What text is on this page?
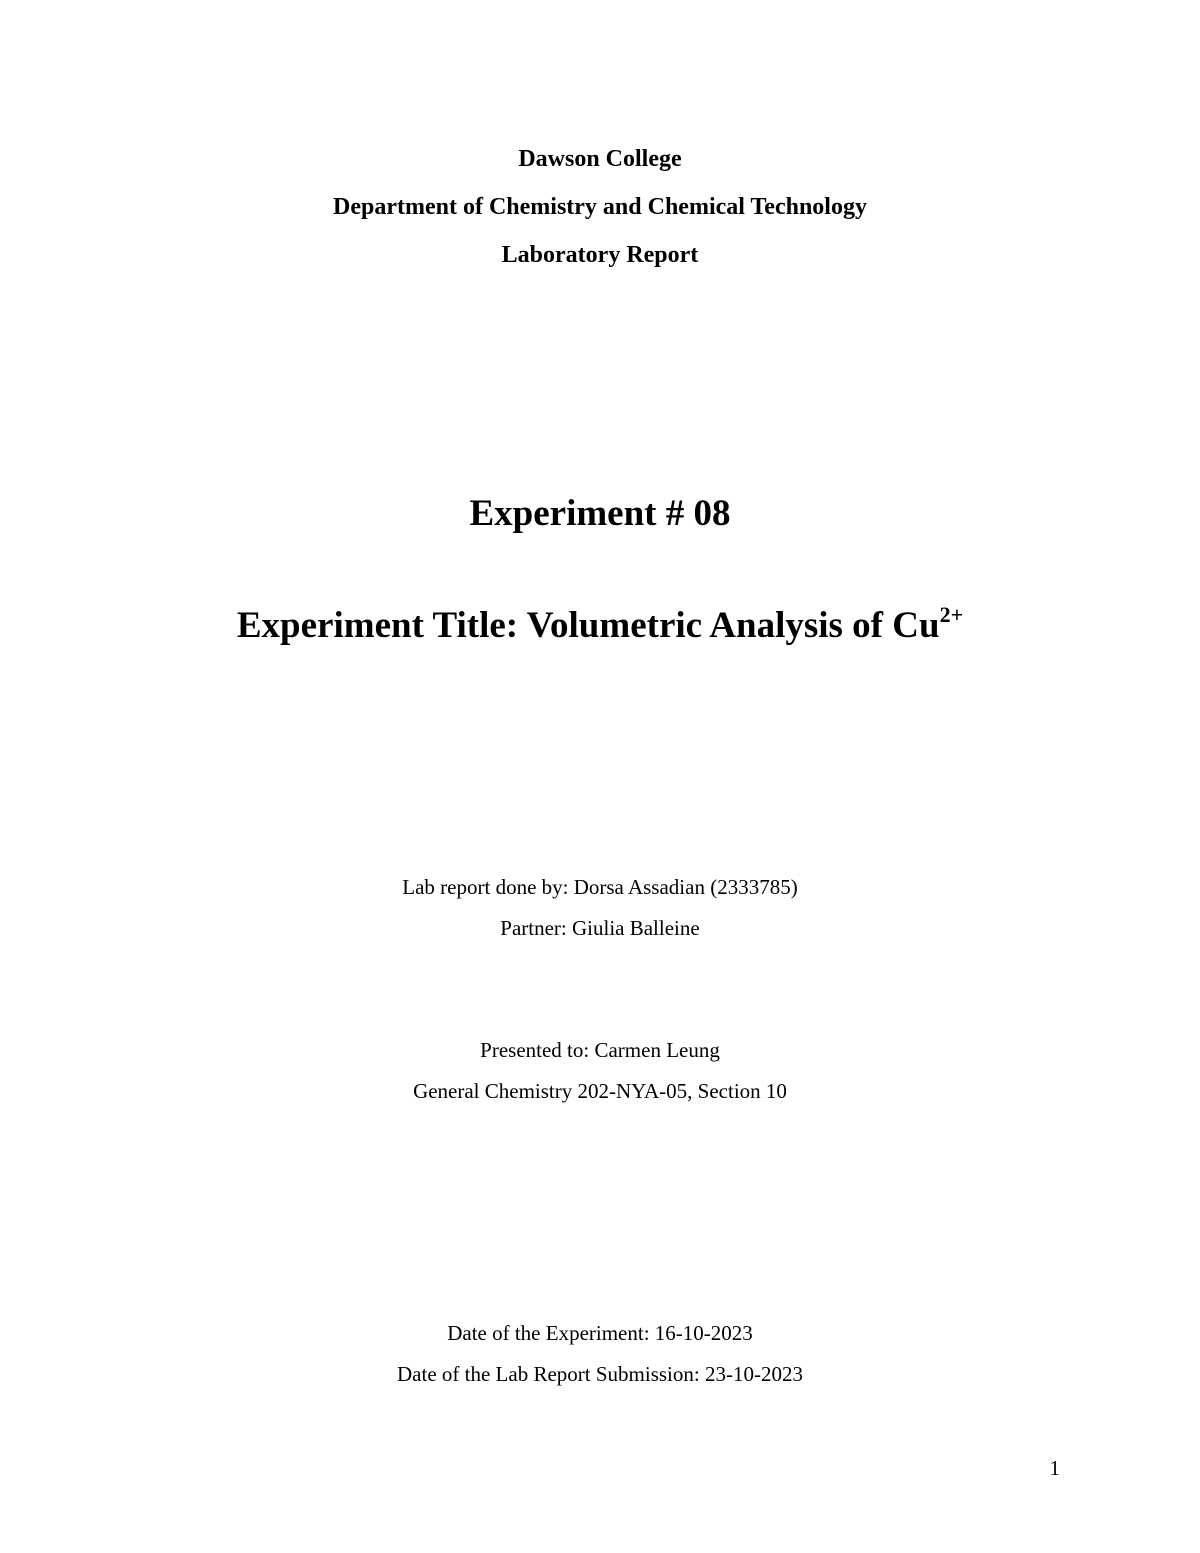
Dawson College
Department of Chemistry and Chemical Technology
Laboratory Report
Experiment # 08
Experiment Title: Volumetric Analysis of $Cu^{2+}$
Lab report done by: Dorsa Assadian (2333785)
Partner: Giulia Balleine
Presented to: Carmen Leung
General Chemistry 202-NYA-05, Section 10
Date of the Experiment: 16-10-2023
Date of the Lab Report Submission: 23-10-2023
1
